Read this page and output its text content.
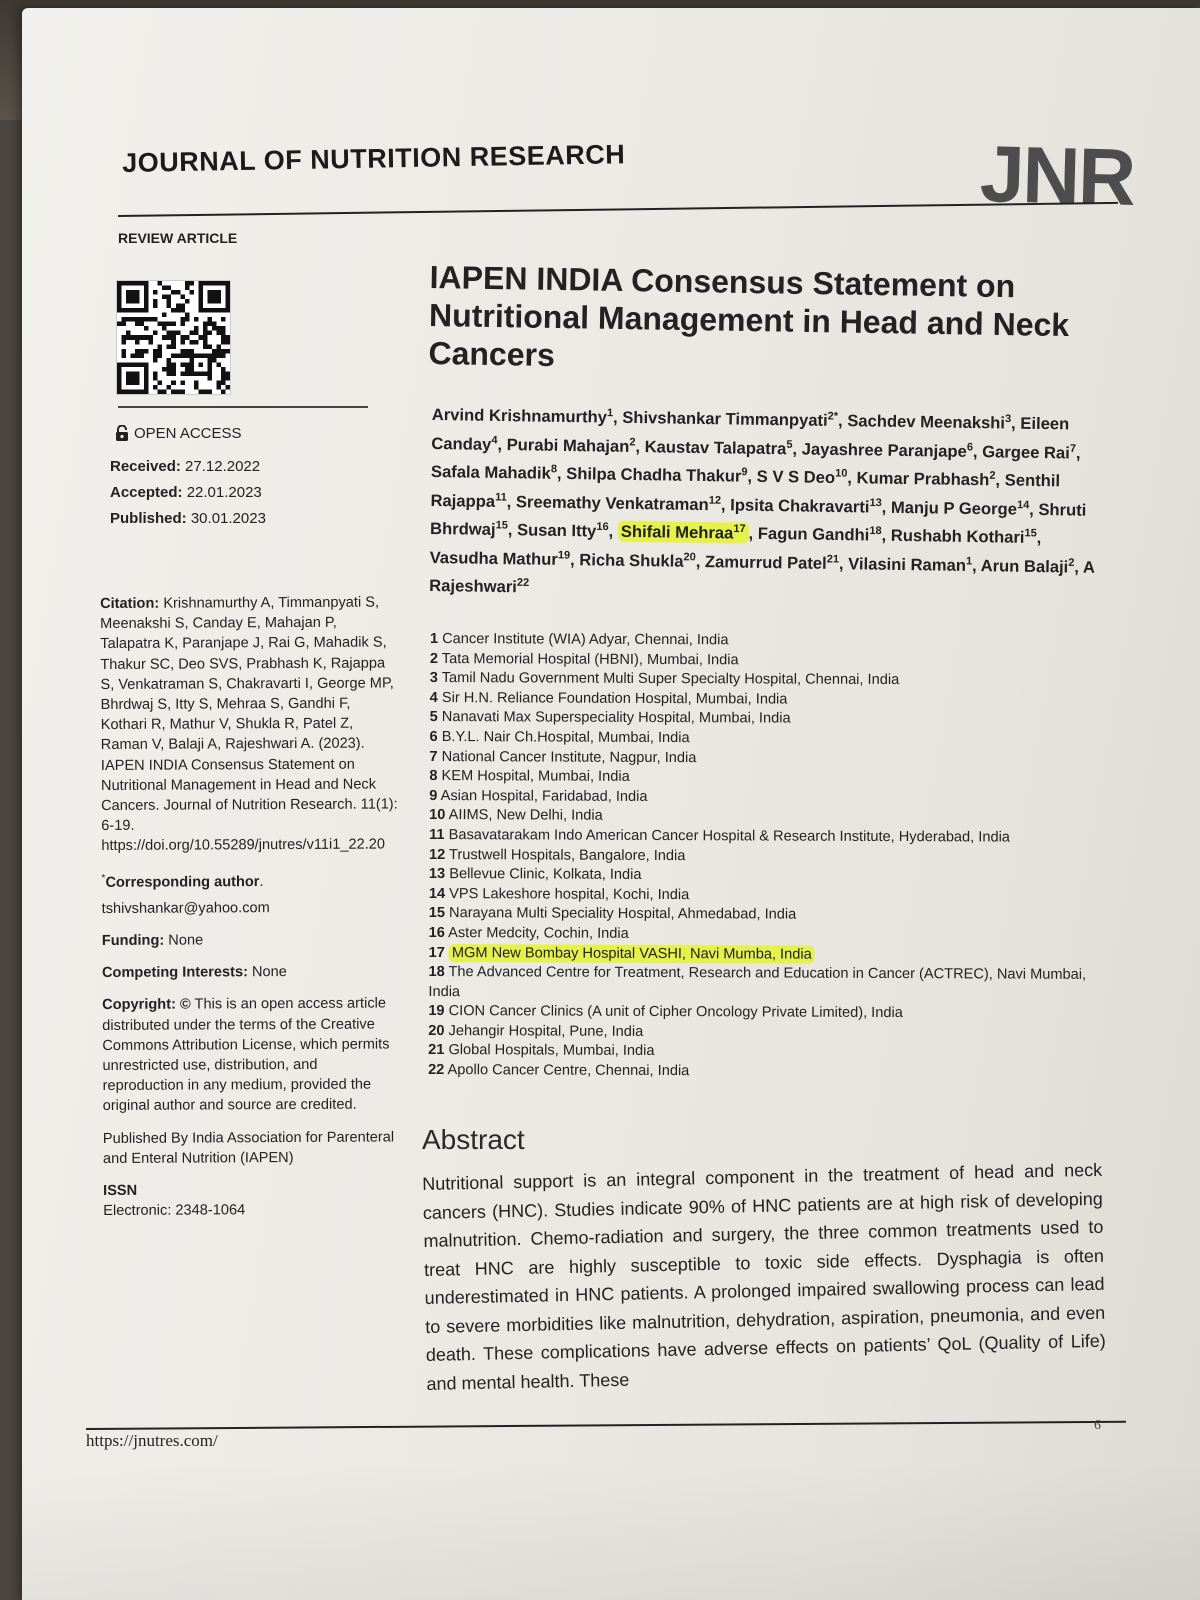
JOURNAL OF NUTRITION RESEARCH	JNR
REVIEW ARTICLE
OPEN ACCESS
Received: 27.12.2022
Accepted: 22.01.2023
Published: 30.01.2023
Citation: Krishnamurthy A, Timmanpyati S, Meenakshi S, Canday E, Mahajan P, Talapatra K, Paranjape J, Rai G, Mahadik S, Thakur SC, Deo SVS, Prabhash K, Rajappa S, Venkatraman S, Chakravarti I, George MP, Bhrdwaj S, Itty S, Mehraa S, Gandhi F, Kothari R, Mathur V, Shukla R, Patel Z, Raman V, Balaji A, Rajeshwari A. (2023). IAPEN INDIA Consensus Statement on Nutritional Management in Head and Neck Cancers. Journal of Nutrition Research. 11(1): 6-19. https://doi.org/10.55289/jnutres/v11i1_22.20
*Corresponding author.
tshivshankar@yahoo.com
Funding: None
Competing Interests: None
Copyright: © This is an open access article distributed under the terms of the Creative Commons Attribution License, which permits unrestricted use, distribution, and reproduction in any medium, provided the original author and source are credited.
Published By India Association for Parenteral and Enteral Nutrition (IAPEN)
ISSN
Electronic: 2348-1064
IAPEN INDIA Consensus Statement on Nutritional Management in Head and Neck Cancers
Arvind Krishnamurthy$^1$, Shivshankar Timmanpyati$^{2*}$, Sachdev Meenakshi$^3$, Eileen Canday$^4$, Purabi Mahajan$^2$, Kaustav Talapatra$^5$, Jayashree Paranjape$^6$, Gargee Rai$^7$, Safala Mahadik$^8$, Shilpa Chadha Thakur$^9$, S V S Deo$^{10}$, Kumar Prabhash$^2$, Senthil Rajappa$^{11}$, Sreemathy Venkatraman$^{12}$, Ipsita Chakravarti$^{13}$, Manju P George$^{14}$, Shruti Bhrdwaj$^{15}$, Susan Itty$^{16}$, Shifali Mehraa$^{17}$ , Fagun Gandhi$^{18}$, Rushabh Kothari$^{15}$, Vasudha Mathur$^{19}$, Richa Shukla$^{20}$, Zamurrud Patel$^{21}$, Vilasini Raman$^1$, Arun Balaji$^2$, A Rajeshwari$^{22}$
1 Cancer Institute (WIA) Adyar, Chennai, India
2 Tata Memorial Hospital (HBNI), Mumbai, India
3 Tamil Nadu Government Multi Super Specialty Hospital, Chennai, India
4 Sir H.N. Reliance Foundation Hospital, Mumbai, India
5 Nanavati Max Superspeciality Hospital, Mumbai, India
6 B.Y.L. Nair Ch.Hospital, Mumbai, India
7 National Cancer Institute, Nagpur, India
8 KEM Hospital, Mumbai, India
9 Asian Hospital, Faridabad, India
10 AIIMS, New Delhi, India
11 Basavatarakam Indo American Cancer Hospital & Research Institute, Hyderabad, India
12 Trustwell Hospitals, Bangalore, India
13 Bellevue Clinic, Kolkata, India
14 VPS Lakeshore hospital, Kochi, India
15 Narayana Multi Speciality Hospital, Ahmedabad, India
16 Aster Medcity, Cochin, India
17 MGM New Bombay Hospital VASHI, Navi Mumba, India
18 The Advanced Centre for Treatment, Research and Education in Cancer (ACTREC), Navi Mumbai, India
19 CION Cancer Clinics (A unit of Cipher Oncology Private Limited), India
20 Jehangir Hospital, Pune, India
21 Global Hospitals, Mumbai, India
22 Apollo Cancer Centre, Chennai, India
Abstract
Nutritional support is an integral component in the treatment of head and neck cancers (HNC). Studies indicate 90% of HNC patients are at high risk of developing malnutrition. Chemo-radiation and surgery, the three common treatments used to treat HNC are highly susceptible to toxic side effects. Dysphagia is often underestimated in HNC patients. A prolonged impaired swallowing process can lead to severe morbidities like malnutrition, dehydration, aspiration, pneumonia, and even death. These complications have adverse effects on patients’ QoL (Quality of Life) and mental health. These
https://jnutres.com/
6
